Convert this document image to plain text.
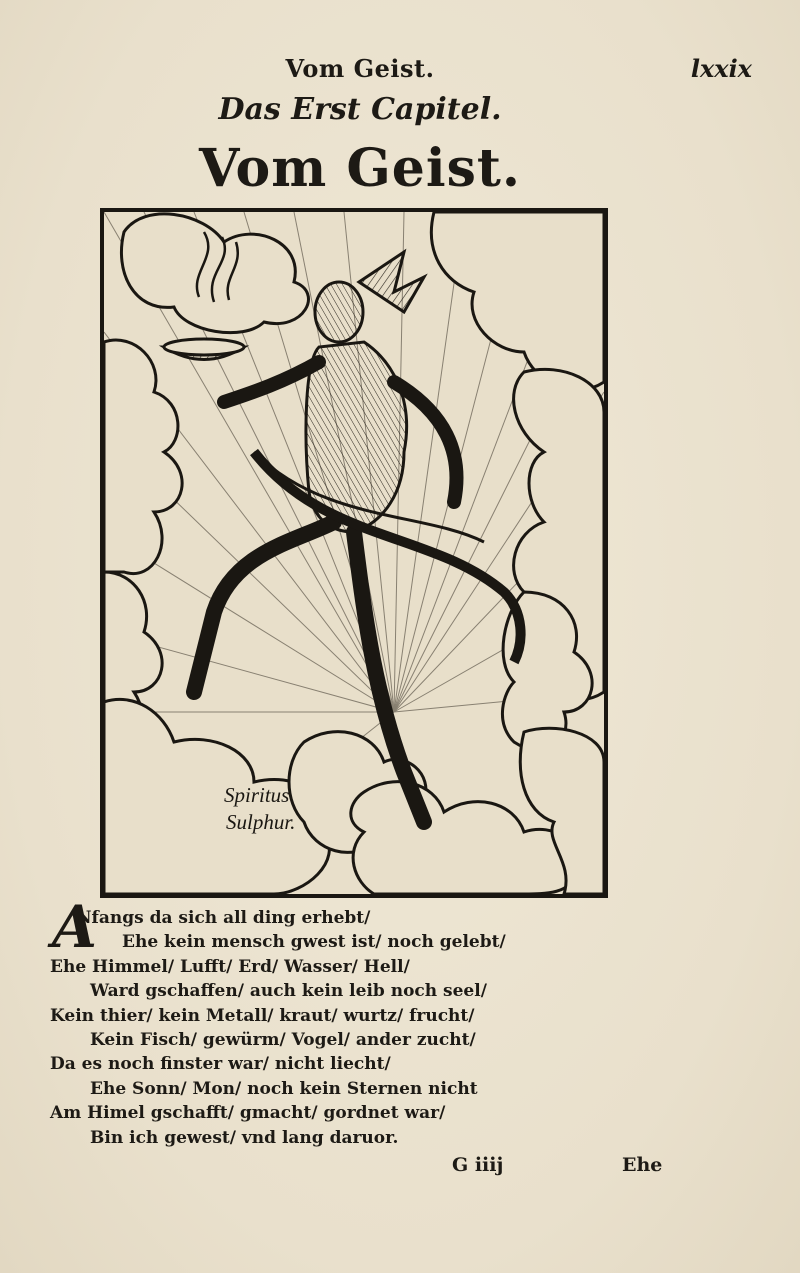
Vom Geist.	lxxix
Das Erst Capitel.
Vom Geist.
Spiritus
Sulphur.
A
Nfangs da sich all ding erhebt/
Ehe kein mensch gwest ist/ noch gelebt/
Ehe Himmel/ Lufft/ Erd/ Wasser/ Hell/
Ward gschaffen/ auch kein leib noch seel/
Kein thier/ kein Metall/ kraut/ wurtz/ frucht/
Kein Fisch/ gewürm/ Vogel/ ander zucht/
Da es noch finster war/ nicht liecht/
Ehe Sonn/ Mon/ noch kein Sternen nicht
Am Himel gschafft/ gmacht/ gordnet war/
Bin ich gewest/ vnd lang daruor.
G iiij	Ehe
